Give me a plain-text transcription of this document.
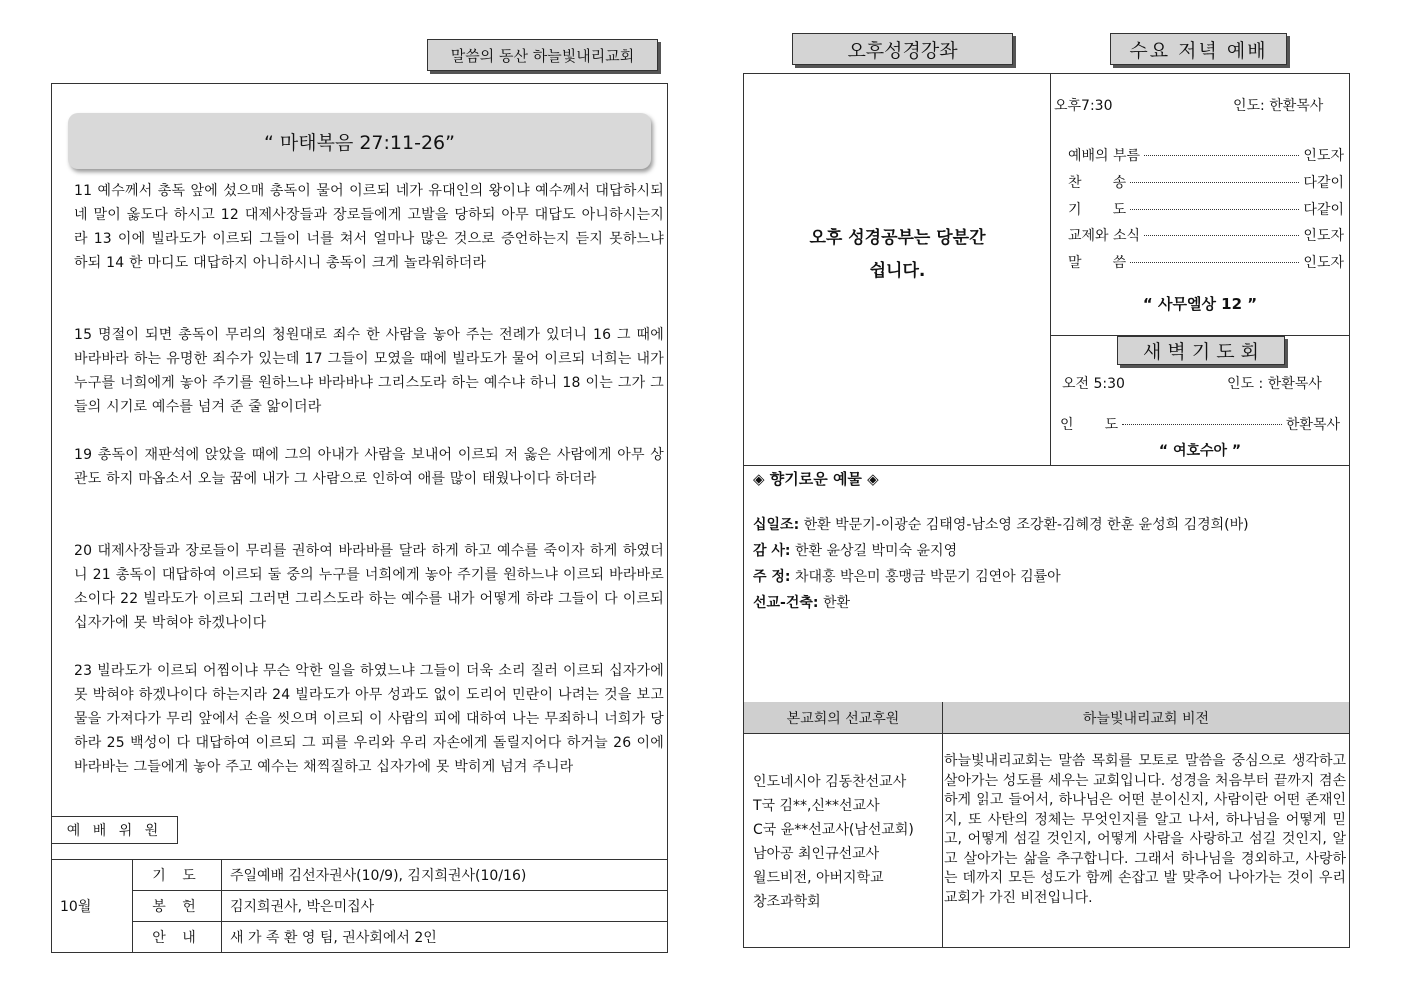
말씀의 동산 하늘빛내리교회
“ 마태복음 27:11-26”

11 예수께서 총독 앞에 섰으매 총독이 물어 이르되 네가 유대인의 왕이냐 예수께서 대답하시되 네 말이 옳도다 하시고 12 대제사장들과 장로들에게 고발을 당하되 아무 대답도 아니하시는지라 13 이에 빌라도가 이르되 그들이 너를 쳐서 얼마나 많은 것으로 증언하는지 듣지 못하느냐 하되 14 한 마디도 대답하지 아니하시니 총독이 크게 놀라워하더라

15 명절이 되면 총독이 무리의 청원대로 죄수 한 사람을 놓아 주는 전례가 있더니 16 그 때에 바라바라 하는 유명한 죄수가 있는데 17 그들이 모였을 때에 빌라도가 물어 이르되 너희는 내가 누구를 너희에게 놓아 주기를 원하느냐 바라바냐 그리스도라 하는 예수냐 하니 18 이는 그가 그들의 시기로 예수를 넘겨 준 줄 앎이더라

19 총독이 재판석에 앉았을 때에 그의 아내가 사람을 보내어 이르되 저 옳은 사람에게 아무 상관도 하지 마옵소서 오늘 꿈에 내가 그 사람으로 인하여 애를 많이 태웠나이다 하더라

20 대제사장들과 장로들이 무리를 권하여 바라바를 달라 하게 하고 예수를 죽이자 하게 하였더니 21 총독이 대답하여 이르되 둘 중의 누구를 너희에게 놓아 주기를 원하느냐 이르되 바라바로소이다 22 빌라도가 이르되 그러면 그리스도라 하는 예수를 내가 어떻게 하랴 그들이 다 이르되 십자가에 못 박혀야 하겠나이다

23 빌라도가 이르되 어찜이냐 무슨 악한 일을 하였느냐 그들이 더욱 소리 질러 이르되 십자가에 못 박혀야 하겠나이다 하는지라 24 빌라도가 아무 성과도 없이 도리어 민란이 나려는 것을 보고 물을 가져다가 무리 앞에서 손을 씻으며 이르되 이 사람의 피에 대하여 나는 무죄하니 너희가 당하라 25 백성이 다 대답하여 이르되 그 피를 우리와 우리 자손에게 돌릴지어다 하거늘 26 이에 바라바는 그들에게 놓아 주고 예수는 채찍질하고 십자가에 못 박히게 넘겨 주니라

예 배 위 원
10월	기 도	주일예배 김선자권사(10/9), 김지희권사(10/16)
	봉 헌	김지희권사, 박은미집사
	안 내	새 가 족 환 영 팀, 권사회에서 2인
오후성경강좌	수요 저녁 예배
오후 성경공부는 당분간
쉽니다.
오후7:30	인도: 한환목사
예배의 부름	인도자
찬       송	다같이
기       도	다같이
교제와 소식	인도자
말       씀	인도자
“ 사무엘상 12 ”
새 벽 기 도 회
오전 5:30	인도 : 한환목사
인       도	한환목사
“ 여호수아 ”
◈ 향기로운 예물 ◈
십일조: 한환 박문기-이광순 김태영-남소영 조강환-김혜경 한훈 윤성희 김경희(바)
감 사: 한환 윤상길 박미숙 윤지영
주 정: 차대홍 박은미 홍맹금 박문기 김연아 김률아
선교-건축: 한환
본교회의 선교후원	하늘빛내리교회 비전
인도네시아 김동찬선교사
T국 김**,신**선교사
C국 윤**선교사(남선교회)
남아공 최인규선교사
월드비전, 아버지학교
창조과학회
하늘빛내리교회는 말씀 목회를 모토로 말씀을 중심으로 생각하고 살아가는 성도를 세우는 교회입니다. 성경을 처음부터 끝까지 겸손하게 읽고 들어서, 하나님은 어떤 분이신지, 사람이란 어떤 존재인지, 또 사탄의 정체는 무엇인지를 알고 나서, 하나님을 어떻게 믿고, 어떻게 섬길 것인지, 어떻게 사람을 사랑하고 섬길 것인지, 알고 살아가는 삶을 추구합니다. 그래서 하나님을 경외하고, 사랑하는 데까지 모든 성도가 함께 손잡고 발 맞추어 나아가는 것이 우리 교회가 가진 비전입니다.
